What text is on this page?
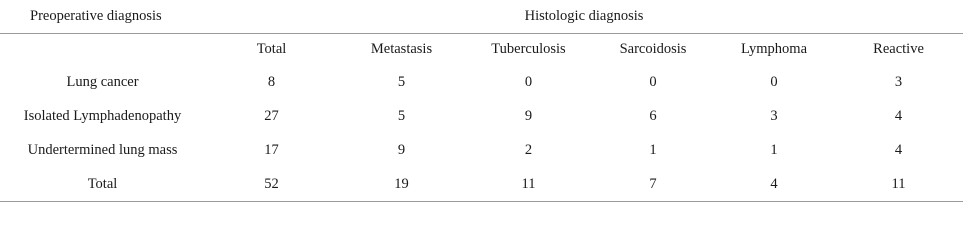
Preoperative diagnosis	Histologic diagnosis					
	Total	Metastasis	Tuberculosis	Sarcoidosis	Lymphoma	Reactive
Lung cancer	8	5	0	0	0	3
Isolated Lymphadenopathy	27	5	9	6	3	4
Undertermined lung mass	17	9	2	1	1	4
Total	52	19	11	7	4	11
